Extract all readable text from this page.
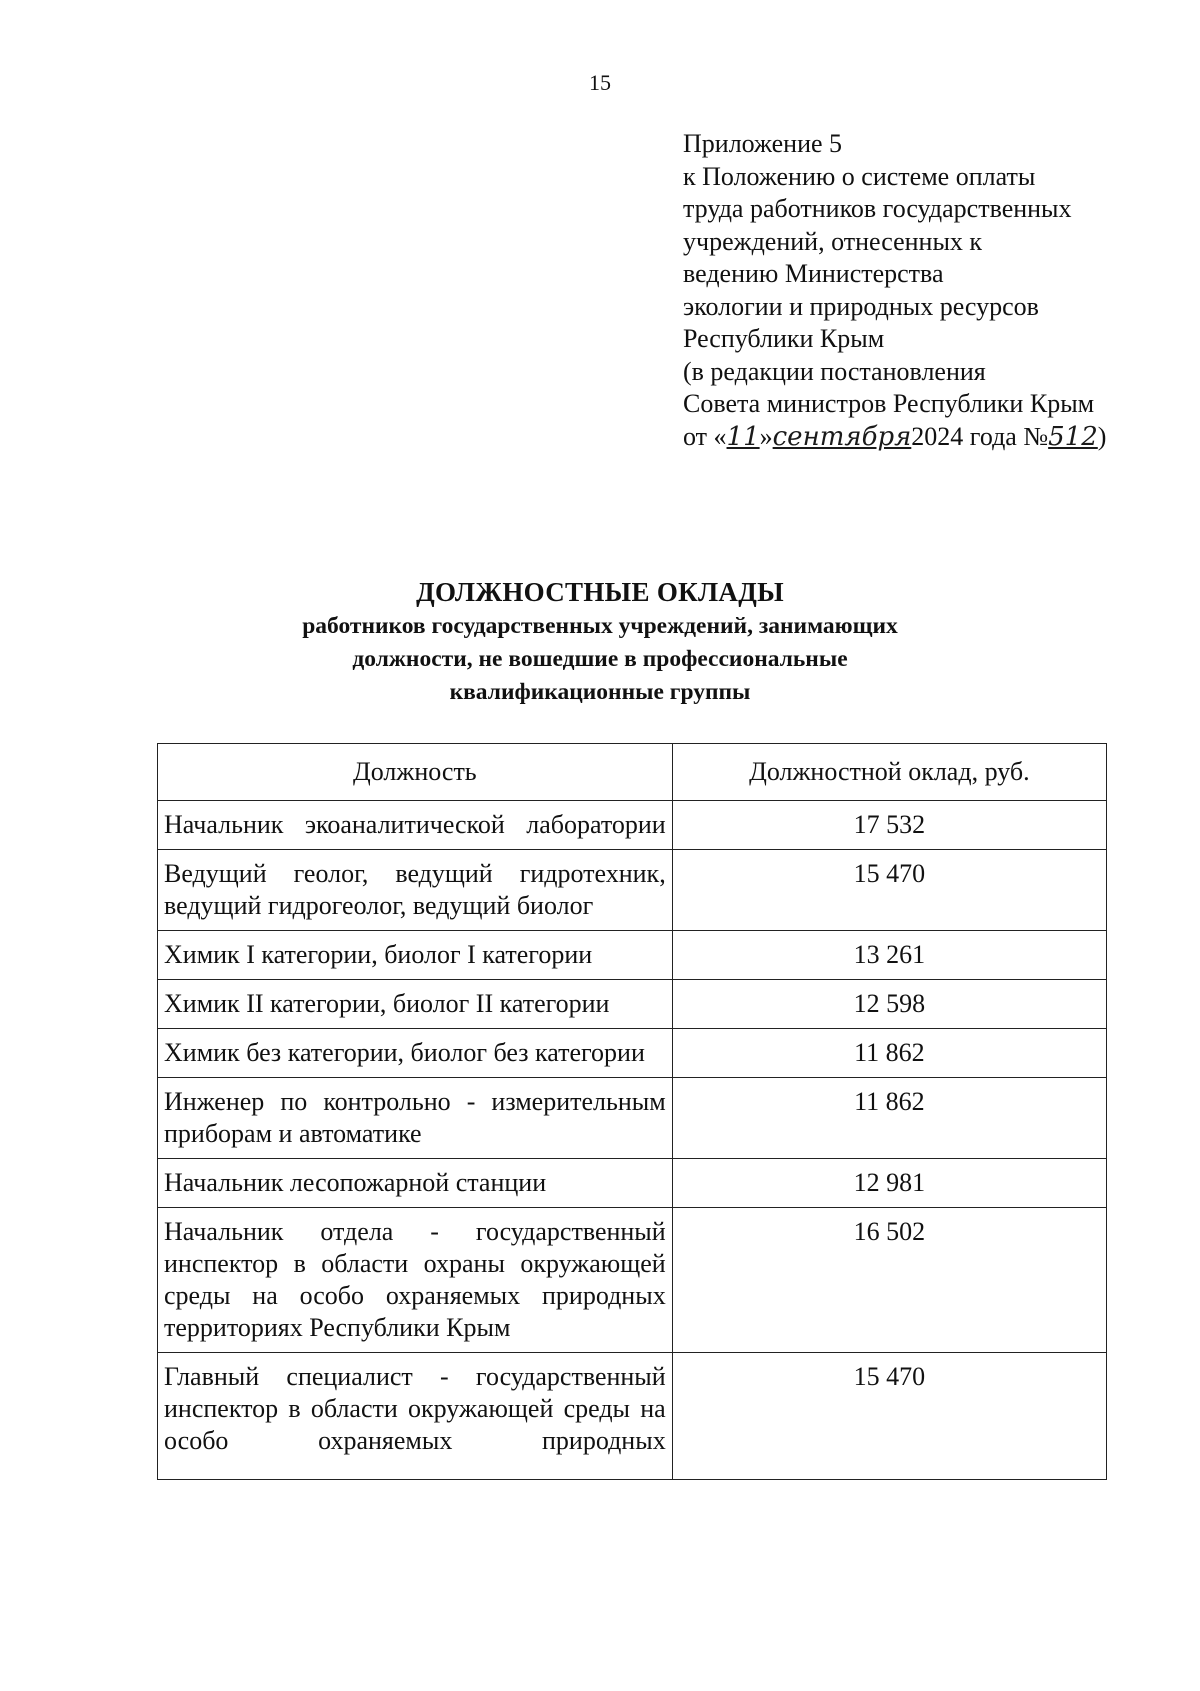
15
Приложение 5
к Положению о системе оплаты
труда работников государственных
учреждений, отнесенных к
ведению Министерства
экологии и природных ресурсов
Республики Крым
(в редакции постановления
Совета министров Республики Крым
от «11»сентября2024 года №512)
ДОЛЖНОСТНЫЕ ОКЛАДЫ
работников государственных учреждений, занимающих
должности, не вошедшие в профессиональные
квалификационные группы
Должность	Должностной оклад, руб.
Начальник экоаналитической лаборатории	17 532
Ведущий геолог, ведущий гидротехник, ведущий гидрогеолог, ведущий биолог	15 470
Химик I категории, биолог I категории	13 261
Химик II категории, биолог II категории	12 598
Химик без категории, биолог без категории	11 862
Инженер по контрольно - измерительным приборам и автоматике	11 862
Начальник лесопожарной станции	12 981
Начальник отдела - государственный инспектор в области охраны окружающей среды на особо охраняемых природных территориях Республики Крым	16 502
Главный специалист - государственный инспектор в области окружающей среды на особо охраняемых природных	15 470
